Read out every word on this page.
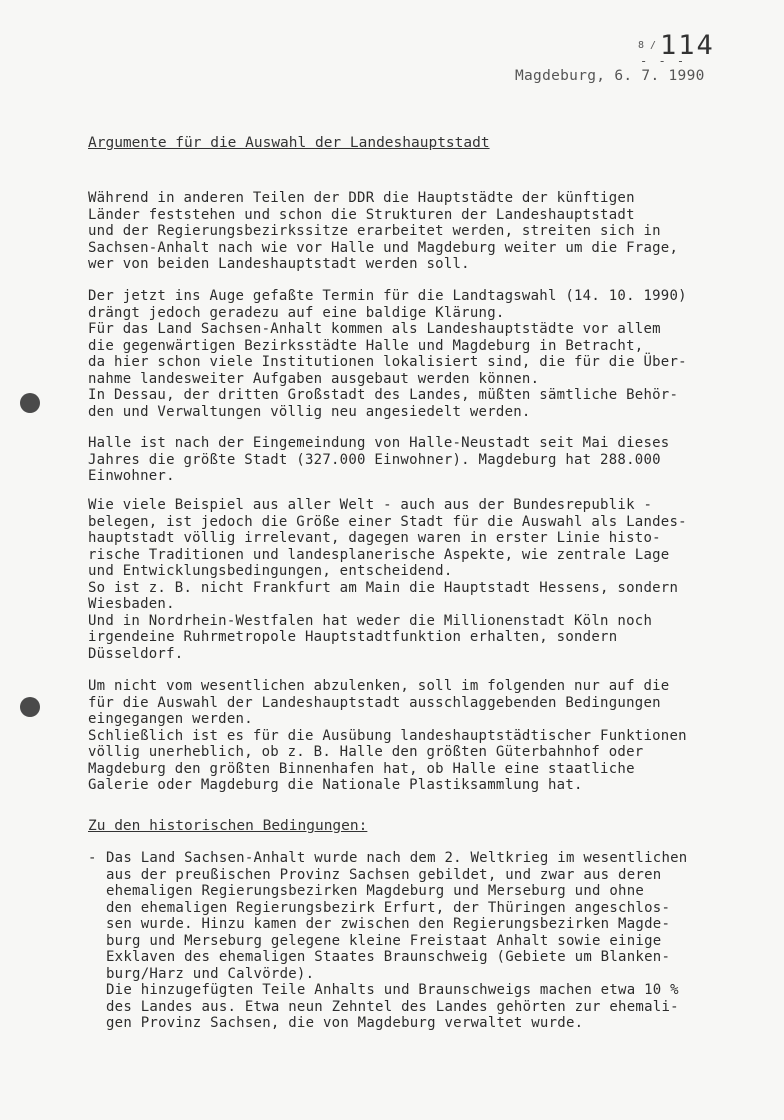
8 / 114
- - -
Magdeburg, 6. 7. 1990
Argumente für die Auswahl der Landeshauptstadt
Während in anderen Teilen der DDR die Hauptstädte der künftigen
Länder feststehen und schon die Strukturen der Landeshauptstadt
und der Regierungsbezirkssitze erarbeitet werden, streiten sich in
Sachsen-Anhalt nach wie vor Halle und Magdeburg weiter um die Frage,
wer von beiden Landeshauptstadt werden soll.
Der jetzt ins Auge gefaßte Termin für die Landtagswahl (14. 10. 1990)
drängt jedoch geradezu auf eine baldige Klärung.
Für das Land Sachsen-Anhalt kommen als Landeshauptstädte vor allem
die gegenwärtigen Bezirksstädte Halle und Magdeburg in Betracht,
da hier schon viele Institutionen lokalisiert sind, die für die Über-
nahme landesweiter Aufgaben ausgebaut werden können.
In Dessau, der dritten Großstadt des Landes, müßten sämtliche Behör-
den und Verwaltungen völlig neu angesiedelt werden.
Halle ist nach der Eingemeindung von Halle-Neustadt seit Mai dieses
Jahres die größte Stadt (327.000 Einwohner). Magdeburg hat 288.000
Einwohner.
Wie viele Beispiel aus aller Welt - auch aus der Bundesrepublik -
belegen, ist jedoch die Größe einer Stadt für die Auswahl als Landes-
hauptstadt völlig irrelevant, dagegen waren in erster Linie histo-
rische Traditionen und landesplanerische Aspekte, wie zentrale Lage
und Entwicklungsbedingungen, entscheidend.
So ist z. B. nicht Frankfurt am Main die Hauptstadt Hessens, sondern
Wiesbaden.
Und in Nordrhein-Westfalen hat weder die Millionenstadt Köln noch
irgendeine Ruhrmetropole Hauptstadtfunktion erhalten, sondern
Düsseldorf.
Um nicht vom wesentlichen abzulenken, soll im folgenden nur auf die
für die Auswahl der Landeshauptstadt ausschlaggebenden Bedingungen
eingegangen werden.
Schließlich ist es für die Ausübung landeshauptstädtischer Funktionen
völlig unerheblich, ob z. B. Halle den größten Güterbahnhof oder
Magdeburg den größten Binnenhafen hat, ob Halle eine staatliche
Galerie oder Magdeburg die Nationale Plastiksammlung hat.
Zu den historischen Bedingungen:
- Das Land Sachsen-Anhalt wurde nach dem 2. Weltkrieg im wesentlichen
aus der preußischen Provinz Sachsen gebildet, und zwar aus deren
ehemaligen Regierungsbezirken Magdeburg und Merseburg und ohne
den ehemaligen Regierungsbezirk Erfurt, der Thüringen angeschlos-
sen wurde. Hinzu kamen der zwischen den Regierungsbezirken Magde-
burg und Merseburg gelegene kleine Freistaat Anhalt sowie einige
Exklaven des ehemaligen Staates Braunschweig (Gebiete um Blanken-
burg/Harz und Calvörde).
Die hinzugefügten Teile Anhalts und Braunschweigs machen etwa 10 %
des Landes aus. Etwa neun Zehntel des Landes gehörten zur ehemali-
gen Provinz Sachsen, die von Magdeburg verwaltet wurde.
